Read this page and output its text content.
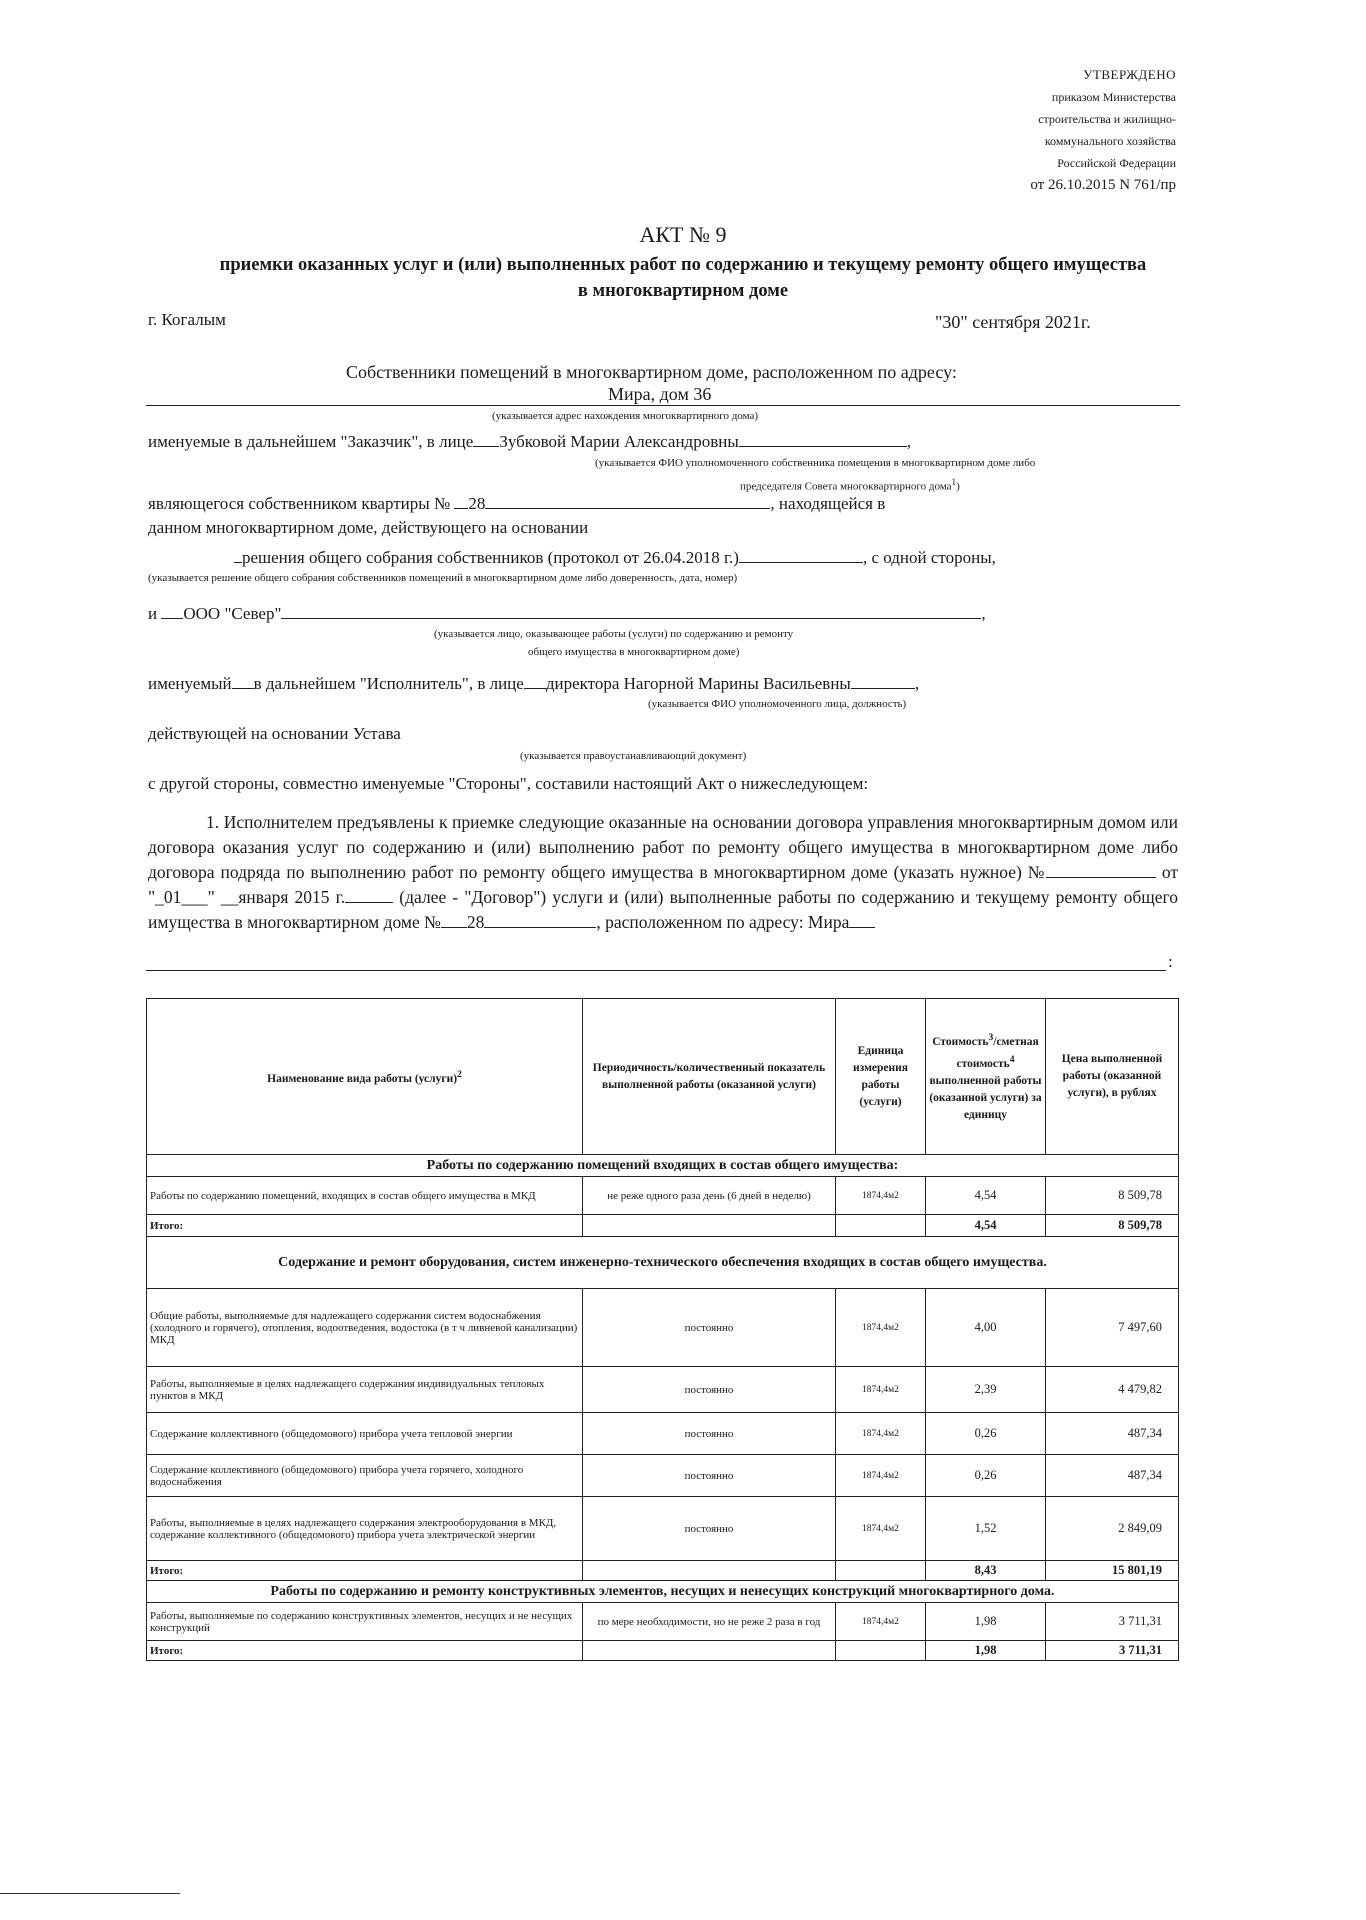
УТВЕРЖДЕНО
приказом Министерства
строительства и жилищно-
коммунального хозяйства
Российской Федерации
от 26.10.2015 N 761/пр
АКТ № 9
приемки оказанных услуг и (или) выполненных работ по содержанию и текущему ремонту общего имущества
в многоквартирном доме
г. Когалым	"30" сентября 2021г.
Собственники помещений в многоквартирном доме, расположенном по адресу:
Мира, дом 36
(указывается адрес нахождения многоквартирного дома)
именуемые в дальнейшем "Заказчик", в лице Зубковой Марии Александровны	,
(указывается ФИО уполномоченного собственника помещения в многоквартирном доме либо
председателя Совета многоквартирного дома$^1$)
являющегося собственником квартиры № 28	, находящейся в
данном многоквартирном доме, действующего на основании
решения общего собрания собственников (протокол от 26.04.2018 г.)	, с одной стороны,
(указывается решение общего собрания собственников помещений в многоквартирном доме либо доверенность, дата, номер)
и ООО "Север"	,
(указывается лицо, оказывающее работы (услуги) по содержанию и ремонту
общего имущества в многоквартирном доме)
именуемый в дальнейшем "Исполнитель", в лице директора Нагорной Марины Васильевны	,
(указывается ФИО уполномоченного лица, должность)
действующей на основании Устава
(указывается правоустанавливающий документ)
с другой стороны, совместно именуемые "Стороны", составили настоящий Акт о нижеследующем:
1. Исполнителем предъявлены к приемке следующие оказанные на основании договора управления многоквартирным домом или договора оказания услуг по содержанию и (или) выполнению работ по ремонту общего имущества в многоквартирном доме либо договора подряда по выполнению работ по ремонту общего имущества в многоквартирном доме (указать нужное) №	от "_01___" __января 2015 г.	(далее - "Договор") услуги и (или) выполненные работы по содержанию и текущему ремонту общего имущества в многоквартирном доме № 28	, расположенном по адресу: Мира
:
Наименование вида работы (услуги)$^2$	Периодичность/количественный показатель выполненной работы (оказанной услуги)	Единица измерения работы (услуги)	Стоимость$^3$/сметная стоимость$^4$ выполненной работы (оказанной услуги) за единицу	Цена выполненной работы (оказанной услуги), в рублях
Работы по содержанию помещений входящих в состав общего имущества:				
Работы по содержанию помещений, входящих в состав общего имущества в МКД	не реже одного раза день (6 дней в неделю)	1874,4м2	4,54	8 509,78
Итого:			4,54	8 509,78
Содержание и ремонт оборудования, систем инженерно-технического обеспечения входящих в состав общего имущества.				
Общие работы, выполняемые для надлежащего содержания систем водоснабжения (холодного и горячего), отопления, водоотведения, водостока (в т ч ливневой канализации) МКД	постоянно	1874,4м2	4,00	7 497,60
Работы, выполняемые в целях надлежащего содержания индивидуальных тепловых пунктов в МКД	постоянно	1874,4м2	2,39	4 479,82
Содержание коллективного (общедомового) прибора учета тепловой энергии	постоянно	1874,4м2	0,26	487,34
Содержание коллективного (общедомового) прибора учета горячего, холодного водоснабжения	постоянно	1874,4м2	0,26	487,34
Работы, выполняемые в целях надлежащего содержания электрооборудования в МКД, содержание коллективного (общедомового) прибора учета электрической энергии	постоянно	1874,4м2	1,52	2 849,09
Итого:			8,43	15 801,19
Работы по содержанию и ремонту конструктивных элементов, несущих и ненесущих конструкций многоквартирного дома.				
Работы, выполняемые по содержанию конструктивных элементов, несущих и не несущих конструкций	по мере необходимости, но не реже 2 раза в год	1874,4м2	1,98	3 711,31
Итого:			1,98	3 711,31
